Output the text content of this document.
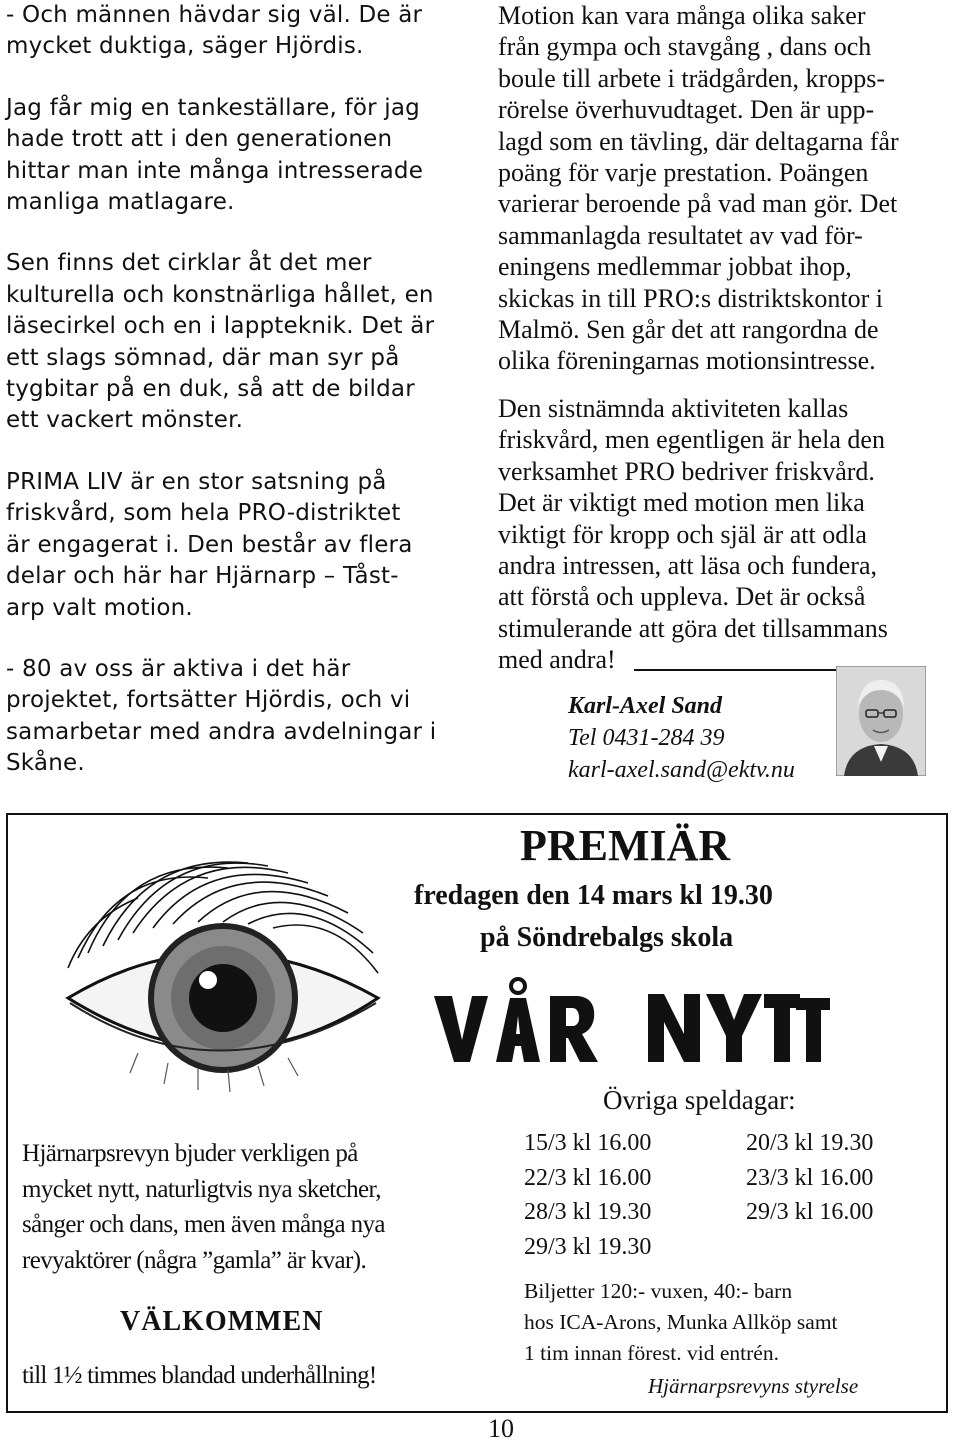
- Och männen hävdar sig väl. De är
mycket duktiga, säger Hjördis.

Jag får mig en tankeställare, för jag
hade trott att i den generationen
hittar man inte många intresserade
manliga matlagare.

Sen finns det cirklar åt det mer
kulturella och konstnärliga hållet, en
läsecirkel och en i lappteknik. Det är
ett slags sömnad, där man syr på
tygbitar på en duk, så att de bildar
ett vackert mönster.

PRIMA LIV är en stor satsning på
friskvård, som hela PRO-distriktet
är engagerat i. Den består av flera
delar och här har Hjärnarp – Tåst-
arp valt motion.

- 80 av oss är aktiva i det här
projektet, fortsätter Hjördis, och vi
samarbetar med andra avdelningar i
Skåne.

Motion kan vara många olika saker
från gympa och stavgång , dans och
boule till arbete i trädgården, kropps-
rörelse överhuvudtaget. Den är upp-
lagd som en tävling, där deltagarna får
poäng för varje prestation. Poängen
varierar beroende på vad man gör. Det
sammanlagda resultatet av vad för-
eningens medlemmar jobbat ihop,
skickas in till PRO:s distriktskontor i
Malmö. Sen går det att rangordna de
olika föreningarnas motionsintresse.

Den sistnämnda aktiviteten kallas
friskvård, men egentligen är hela den
verksamhet PRO bedriver friskvård.
Det är viktigt med motion men lika
viktigt för kropp och själ är att odla
andra intressen, att läsa och fundera,
att förstå och uppleva. Det är också
stimulerande att göra det tillsammans
med andra!

Karl-Axel Sand
Tel 0431-284 39
karl-axel.sand@ektv.nu
PREMIÄR
fredagen den 14 mars kl 19.30
på Söndrebalgs skola
Övriga speldagar:
15/3 kl 16.00	20/3 kl 19.30
22/3 kl 16.00	23/3 kl 16.00
28/3 kl 19.30	29/3 kl 16.00
29/3 kl 19.30
Biljetter 120:- vuxen, 40:- barn
hos ICA-Arons, Munka Allköp samt
1 tim innan förest. vid entrén.
Hjärnarpsrevyns styrelse
Hjärnarpsrevyn bjuder verkligen på
mycket nytt, naturligtvis nya sketcher,
sånger och dans, men även många nya
revyaktörer (några ”gamla” är kvar).
VÄLKOMMEN
till 1½ timmes blandad underhållning!
10
